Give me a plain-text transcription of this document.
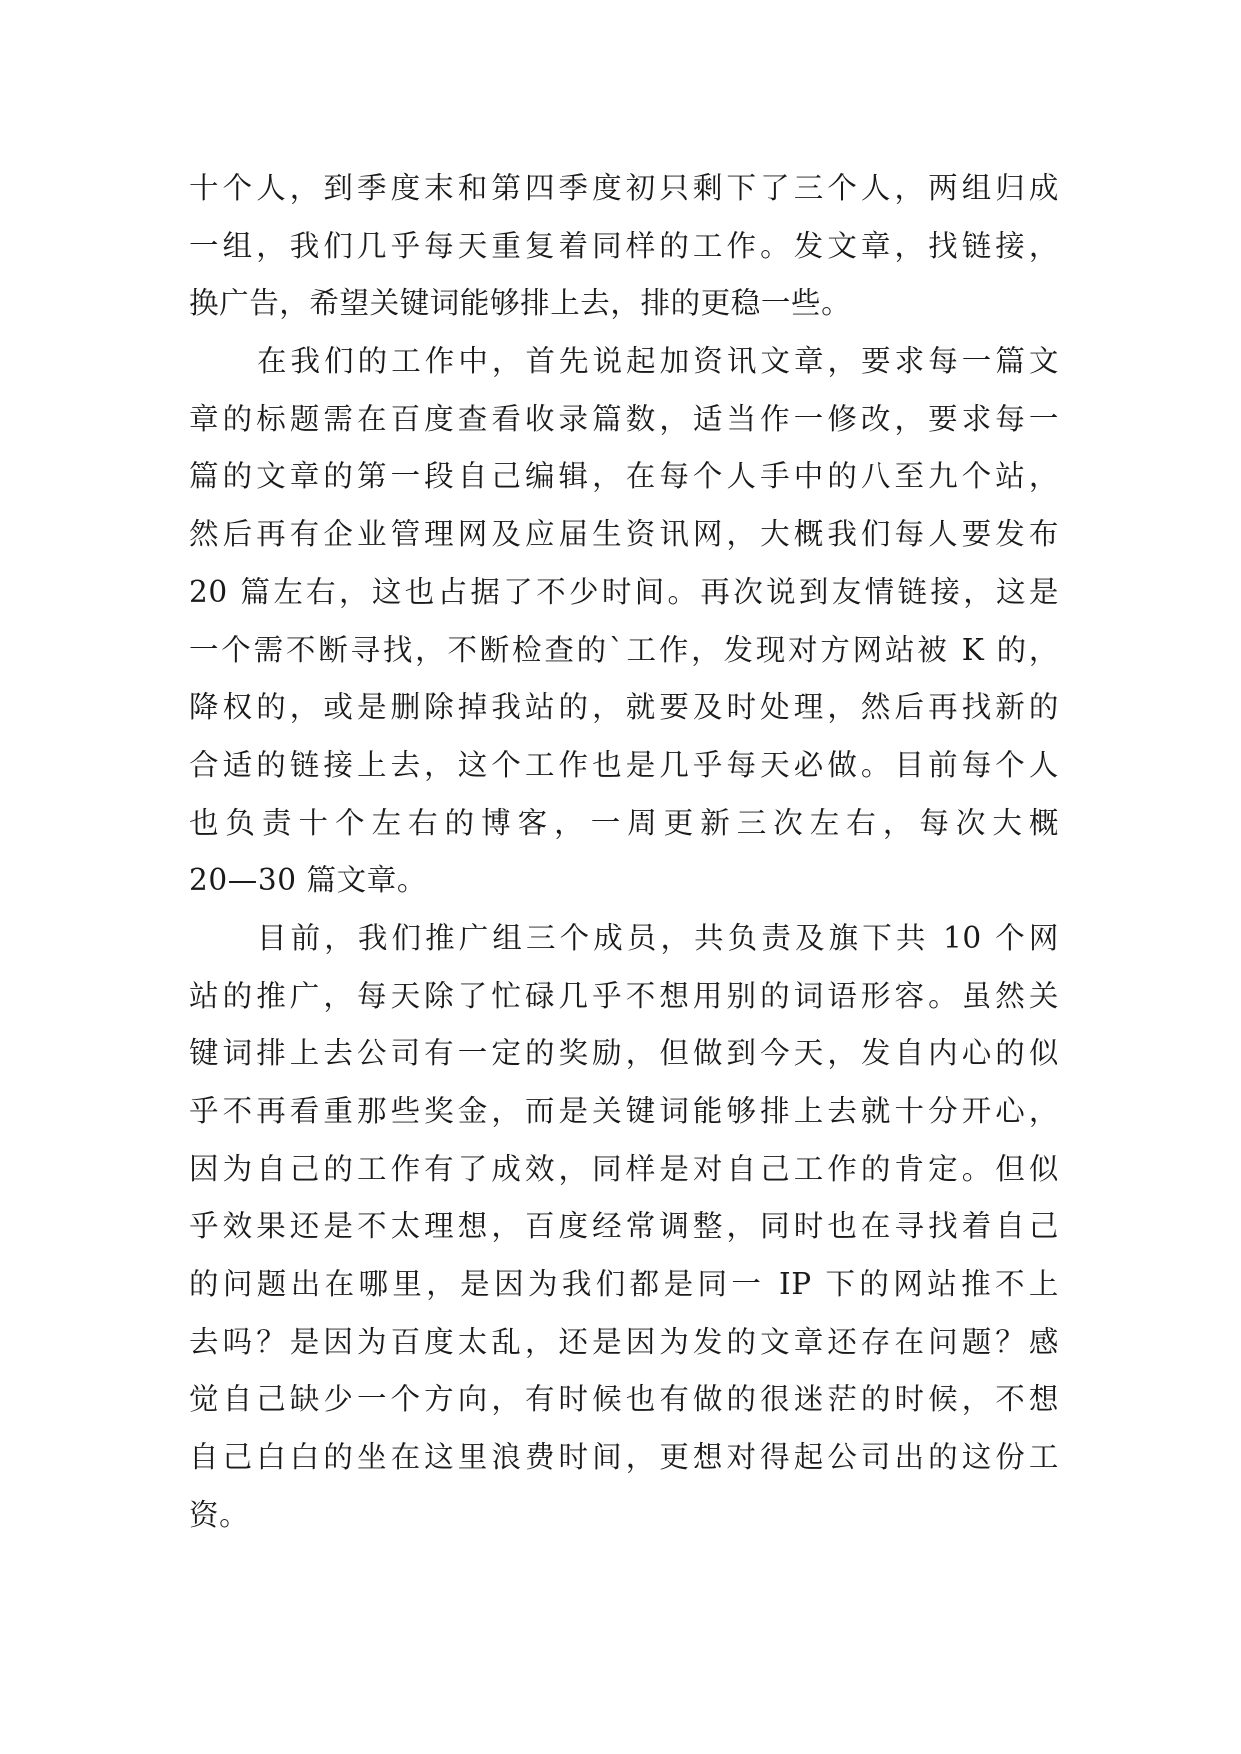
十个人，到季度末和第四季度初只剩下了三个人，两组归成
一组，我们几乎每天重复着同样的工作。发文章，找链接，
换广告，希望关键词能够排上去，排的更稳一些。
在我们的工作中，首先说起加资讯文章，要求每一篇文
章的标题需在百度查看收录篇数，适当作一修改，要求每一
篇的文章的第一段自己编辑，在每个人手中的八至九个站，
然后再有企业管理网及应届生资讯网，大概我们每人要发布
20 篇左右，这也占据了不少时间。再次说到友情链接，这是
一个需不断寻找，不断检查的`工作，发现对方网站被 K 的，
降权的，或是删除掉我站的，就要及时处理，然后再找新的
合适的链接上去，这个工作也是几乎每天必做。目前每个人
也负责十个左右的博客，一周更新三次左右，每次大概
20—30 篇文章。
目前，我们推广组三个成员，共负责及旗下共 10 个网
站的推广，每天除了忙碌几乎不想用别的词语形容。虽然关
键词排上去公司有一定的奖励，但做到今天，发自内心的似
乎不再看重那些奖金，而是关键词能够排上去就十分开心，
因为自己的工作有了成效，同样是对自己工作的肯定。但似
乎效果还是不太理想，百度经常调整，同时也在寻找着自己
的问题出在哪里，是因为我们都是同一 IP 下的网站推不上
去吗？是因为百度太乱，还是因为发的文章还存在问题？感
觉自己缺少一个方向，有时候也有做的很迷茫的时候，不想
自己白白的坐在这里浪费时间，更想对得起公司出的这份工
资。
